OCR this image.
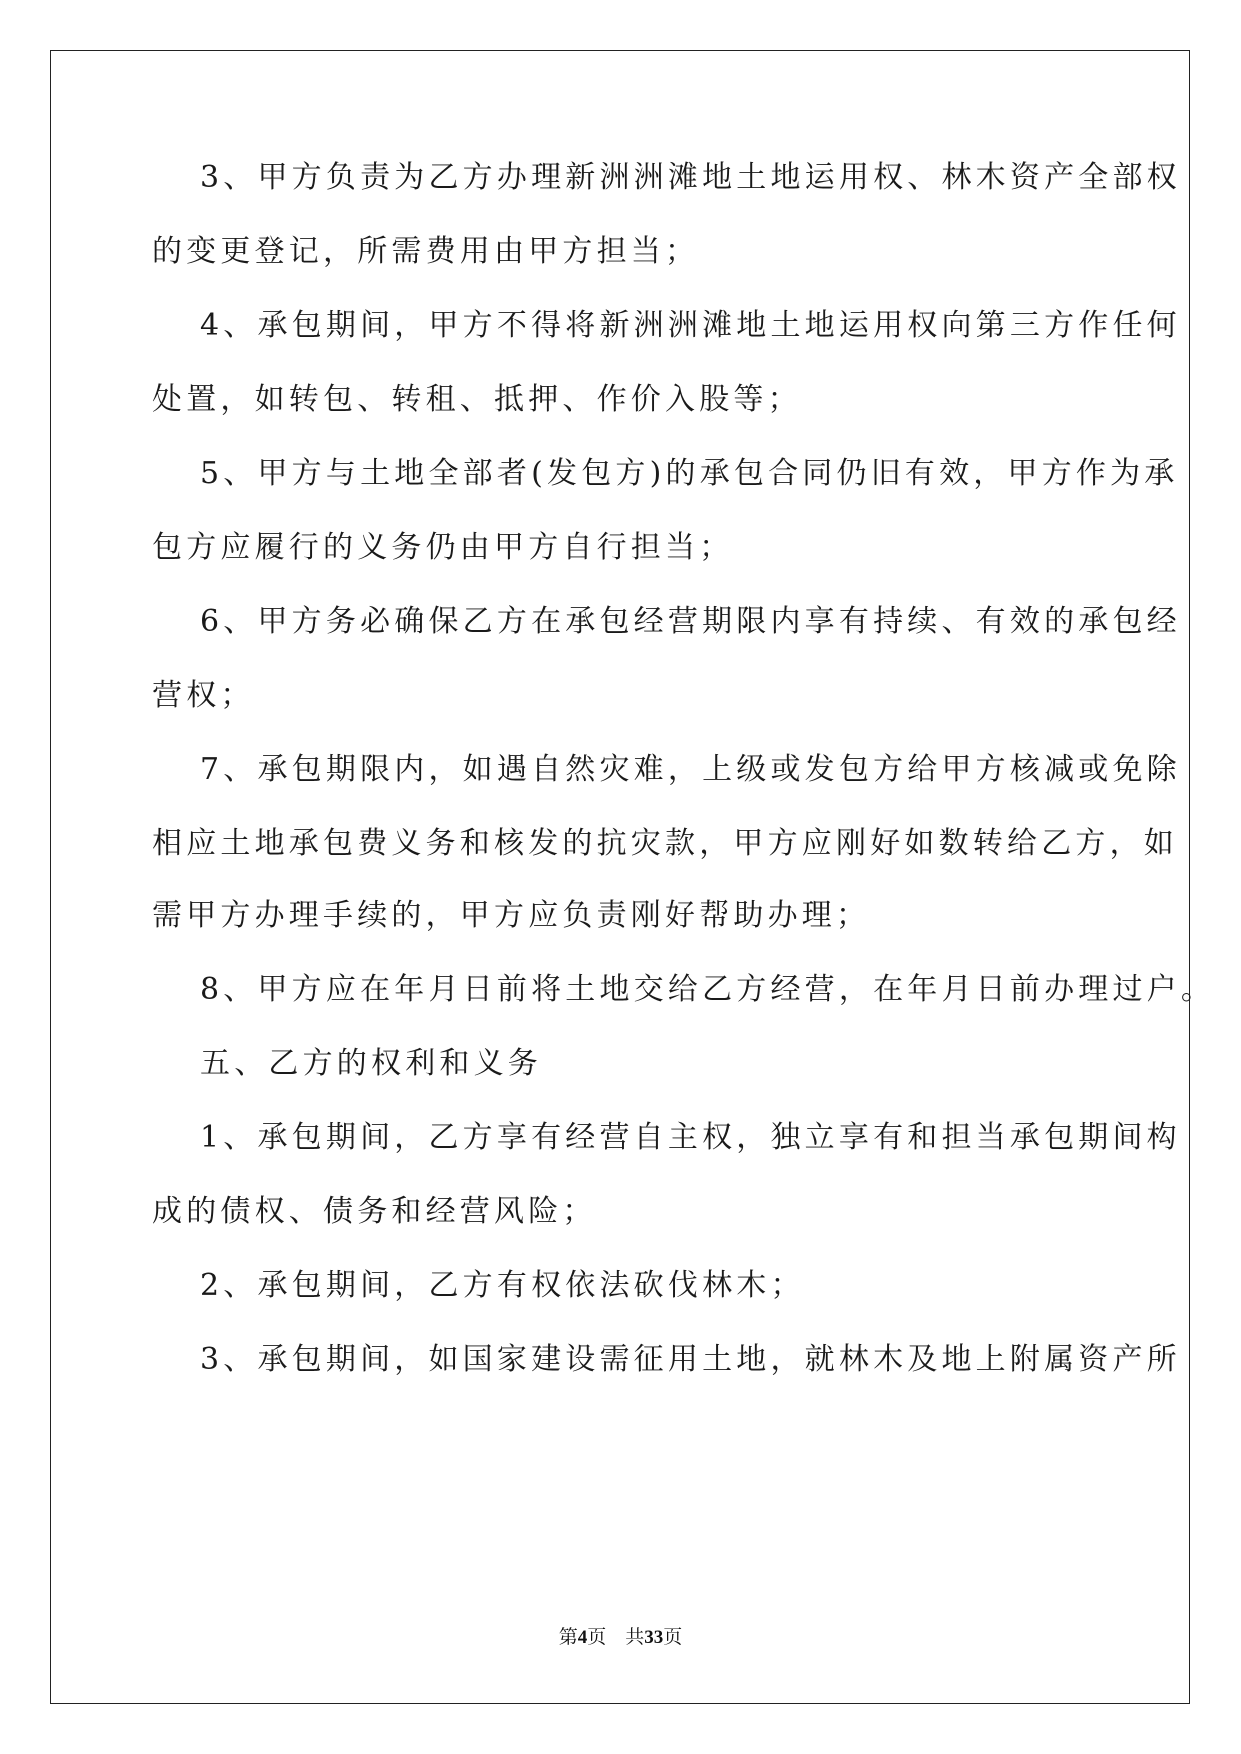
3、甲方负责为乙方办理新洲洲滩地土地运用权、林木资产全部权
的变更登记，所需费用由甲方担当；
4、承包期间，甲方不得将新洲洲滩地土地运用权向第三方作任何
处置，如转包、转租、抵押、作价入股等；
5、甲方与土地全部者(发包方)的承包合同仍旧有效，甲方作为承
包方应履行的义务仍由甲方自行担当；
6、甲方务必确保乙方在承包经营期限内享有持续、有效的承包经
营权；
7、承包期限内，如遇自然灾难，上级或发包方给甲方核减或免除
相应土地承包费义务和核发的抗灾款，甲方应刚好如数转给乙方，如
需甲方办理手续的，甲方应负责刚好帮助办理；
8、甲方应在年月日前将土地交给乙方经营，在年月日前办理过户。
五、乙方的权利和义务
1、承包期间，乙方享有经营自主权，独立享有和担当承包期间构
成的债权、债务和经营风险；
2、承包期间，乙方有权依法砍伐林木；
3、承包期间，如国家建设需征用土地，就林木及地上附属资产所
第4页　共33页
